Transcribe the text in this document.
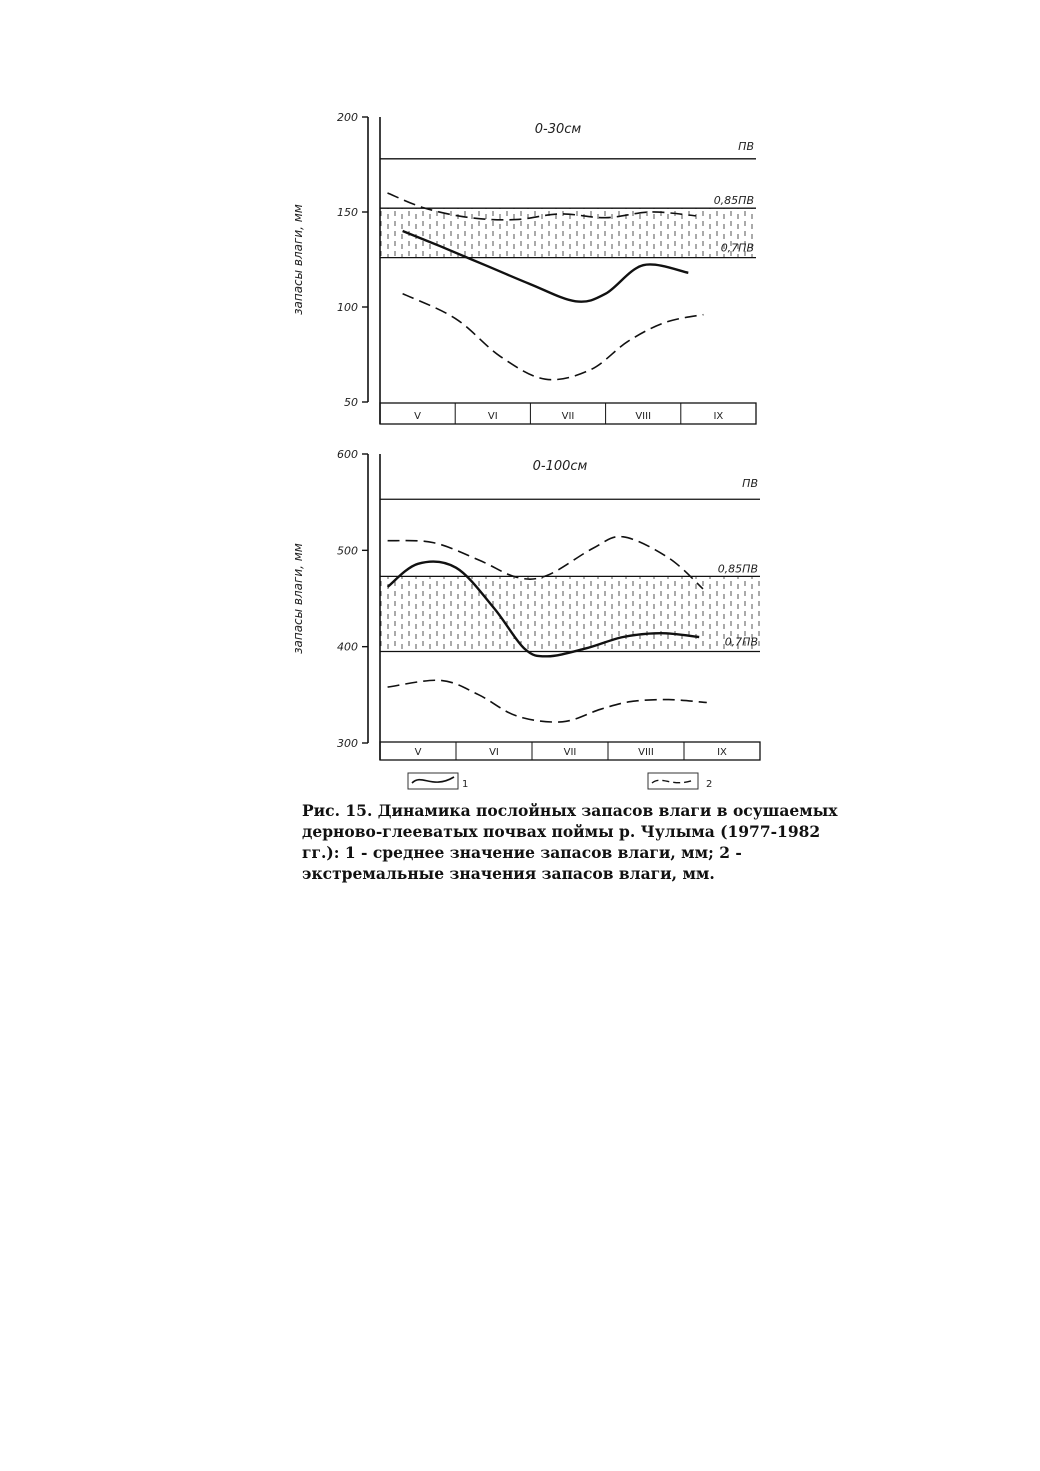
200
150
100
50
запасы влаги, мм
0-30см
ПВ
0,85ПВ
0,7ПВ
V	VI	VII	VIII	IX
600
500
400
300
запасы влаги, мм
0-100см
ПВ
0,85ПВ
0,7ПВ
V	VI	VII	VIII	IX
1	2

Рис. 15. Динамика послойных запасов влаги в осушаемых дерново-глееватых почвах поймы р. Чулыма (1977-1982 гг.): 1 - среднее значение запасов влаги, мм; 2 - экстремальные значения запасов влаги, мм.
